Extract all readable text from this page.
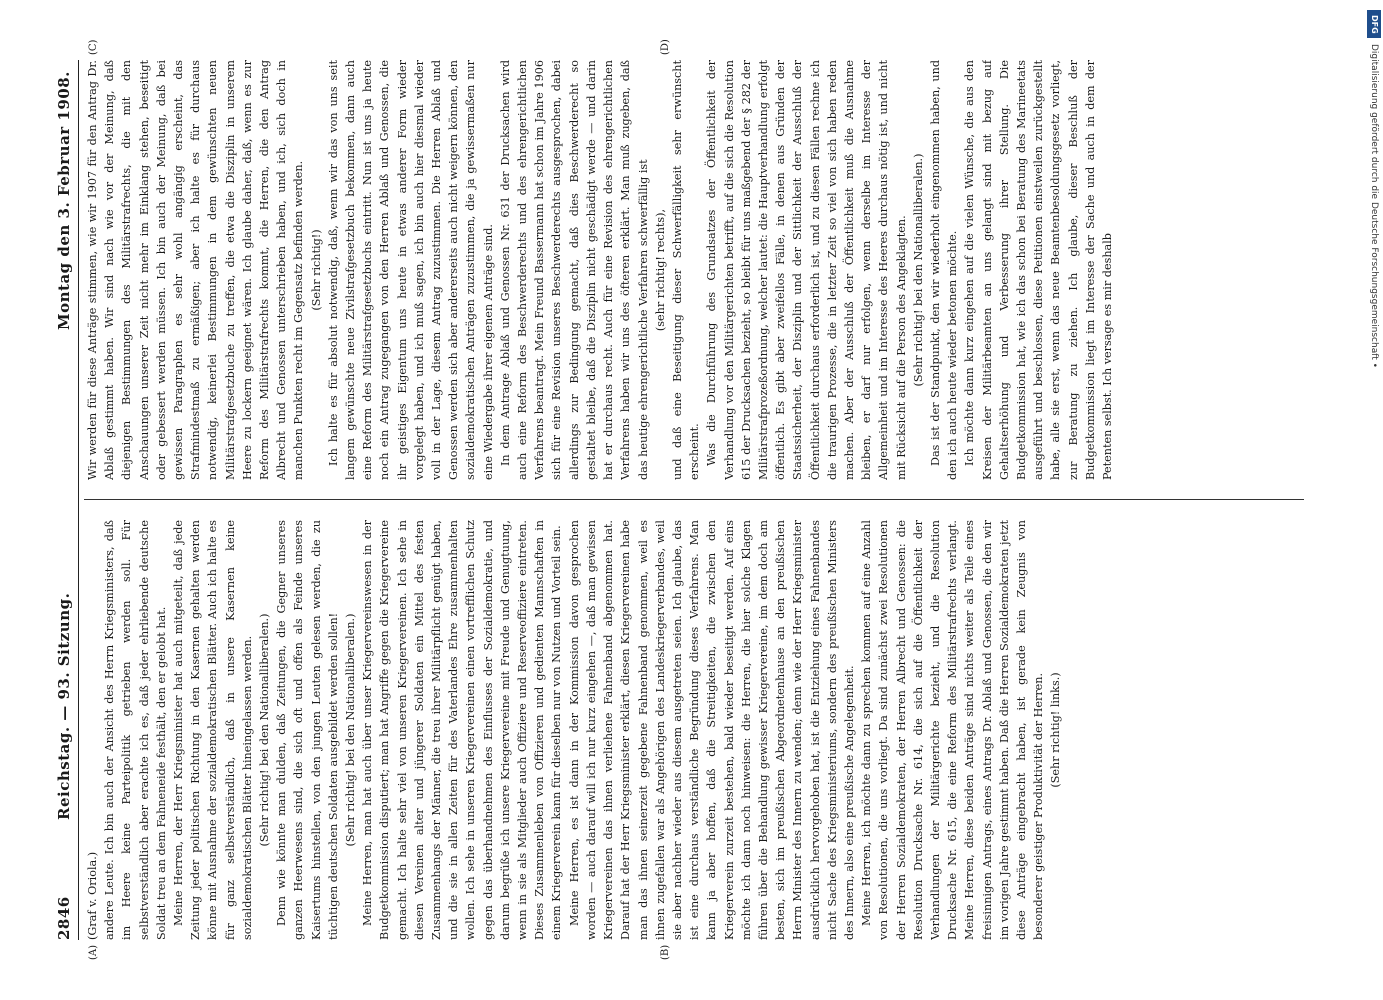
2846
Reichstag. — 93. Sitzung.
Montag den 3. Februar 1908.
(A)	(B)
(C)	(D)

(Graf v. Oriola.) andere Leute. Ich bin auch der Ansicht des Herrn Kriegsministers, daß im Heere keine Parteipolitik getrieben werden soll. Für selbstverständlich aber erachte ich es, daß jeder ehrliebende deutsche Soldat treu an dem Fahneneide festhält, den er gelobt hat. Meine Herren, der Herr Kriegsminister hat auch mitgeteilt, daß jede Zeitung jeder politischen Richtung in den Kasernen gehalten werden könne mit Ausnahme der sozialdemokratischen Blätter. Auch ich halte es für ganz selbstverständlich, daß in unsere Kasernen keine sozialdemokratischen Blätter hineingelassen werden. (Sehr richtig! bei den Nationalliberalen.) Denn wie könnte man dulden, daß Zeitungen, die Gegner unseres ganzen Heerwesens sind, die sich oft und offen als Feinde unseres Kaisertums hinstellen, von den jungen Leuten gelesen werden, die zu tüchtigen deutschen Soldaten ausgebildet werden sollen! (Sehr richtig! bei den Nationalliberalen.) Meine Herren, man hat auch über unser Kriegervereinswesen in der Budgetkommission disputiert; man hat Angriffe gegen die Kriegervereine gemacht. Ich halte sehr viel von unseren Kriegervereinen. Ich sehe in diesen Vereinen alter und jüngerer Soldaten ein Mittel des festen Zusammenhangs der Männer, die treu ihrer Militärpflicht genügt haben, und die sie in allen Zeiten für des Vaterlandes Ehre zusammenhalten wollen. Ich sehe in unseren Kriegervereinen einen vortrefflichen Schutz gegen das überhandnehmen des Einflusses der Sozialdemokratie, und darum begrüße ich unsere Kriegervereine mit Freude und Genugtuung, wenn in sie als Mitglieder auch Offiziere und Reserveoffiziere eintreten. Dieses Zusammenleben von Offizieren und gedienten Mannschaften in einem Kriegerverein kann für dieselben nur von Nutzen und Vorteil sein. Meine Herren, es ist dann in der Kommission davon gesprochen worden — auch darauf will ich nur kurz eingehen —, daß man gewissen Kriegervereinen das ihnen verliehene Fahnenband abgenommen hat. Darauf hat der Herr Kriegsminister erklärt, diesen Kriegervereinen habe man das ihnen seinerzeit gegebene Fahnenband genommen, weil es ihnen zugefallen war als Angehörigen des Landeskriegerverbandes, weil sie aber nachher wieder aus diesem ausgetreten seien. Ich glaube, das ist eine durchaus verständliche Begründung dieses Verfahrens. Man kann ja aber hoffen, daß die Streitigkeiten, die zwischen den Kriegerverein zurzeit bestehen, bald wieder beseitigt werden. Auf eins möchte ich dann noch hinweisen: die Herren, die hier solche Klagen führen über die Behandlung gewisser Kriegervereine, im dem doch am besten, sich im preußischen Abgeordnetenhause an den preußischen Herrn Minister des Innern zu wenden; denn wie der Herr Kriegsminister ausdrücklich hervorgehoben hat, ist die Entziehung eines Fahnenbandes nicht Sache des Kriegsministeriums, sondern des preußischen Ministers des Innern, also eine preußische Angelegenheit. Meine Herren, ich möchte dann zu sprechen kommen auf eine Anzahl von Resolutionen, die uns vorliegt. Da sind zunächst zwei Resolutionen der Herren Sozialdemokraten, der Herren Albrecht und Genossen: die Resolution Drucksache Nr. 614, die sich auf die Öffentlichkeit der Verhandlungen der Militärgerichte bezieht, und die Resolution Drucksache Nr. 615, die eine Reform des Militärstrafrechts verlangt. Meine Herren, diese beiden Anträge sind nichts weiter als Teile eines freisinnigen Antrags, eines Antrags Dr. Ablaß und Genossen, die den wir im vorigen Jahre gestimmt haben. Daß die Herren Sozialdemokraten jetzt diese Anträge eingebracht haben, ist gerade kein Zeugnis von besonderer geistiger Produktivität der Herren. (Sehr richtig! links.)

Wir werden für diese Anträge stimmen, wie wir 1907 für den Antrag Dr. Ablaß gestimmt haben. Wir sind nach wie vor der Meinung, daß diejenigen Bestimmungen des Militärstrafrechts, die mit den Anschauungen unserer Zeit nicht mehr im Einklang stehen, beseitigt oder gebessert werden müssen. Ich bin auch der Meinung, daß bei gewissen Paragraphen es sehr wohl angängig erscheint, das Strafmindestmaß zu ermäßigen; aber ich halte es für durchaus notwendig, keinerlei Bestimmungen in dem gewünschten neuen Militärstrafgesetzbuche zu treffen, die etwa die Disziplin in unserem Heere zu lockern geeignet wären. Ich glaube daher, daß, wenn es zur Reform des Militärstrafrechts kommt, die Herren, die den Antrag Albrecht und Genossen unterschrieben haben, und ich, sich doch in manchen Punkten recht im Gegensatz befinden werden. (Sehr richtig!) Ich halte es für absolut notwendig, daß, wenn wir das von uns seit langem gewünschte neue Zivilstrafgesetzbuch bekommen, dann auch eine Reform des Militärstrafgesetzbuchs eintritt. Nun ist uns ja heute noch ein Antrag zugegangen von den Herren Ablaß und Genossen, die ihr geistiges Eigentum uns heute in etwas anderer Form wieder vorgelegt haben, und ich muß sagen, ich bin auch hier diesmal wieder voll in der Lage, diesem Antrag zuzustimmen. Die Herren Ablaß und Genossen werden sich aber andererseits auch nicht weigern können, den sozialdemokratischen Anträgen zuzustimmen, die ja gewissermaßen nur eine Wiedergabe ihrer eigenen Anträge sind. In dem Antrage Ablaß und Genossen Nr. 631 der Drucksachen wird auch eine Reform des Beschwerderechts und des ehrengerichtlichen Verfahrens beantragt. Mein Freund Bassermann hat schon im Jahre 1906 sich für eine Revision unseres Beschwerderechts ausgesprochen, dabei allerdings zur Bedingung gemacht, daß dies Beschwerderecht so gestaltet bleibe, daß die Disziplin nicht geschädigt werde — und darin hat er durchaus recht. Auch für eine Revision des ehrengerichtlichen Verfahrens haben wir uns des öfteren erklärt. Man muß zugeben, daß das heutige ehrengerichtliche Verfahren schwerfällig ist (sehr richtig! rechts), und daß eine Beseitigung dieser Schwerfälligkeit sehr erwünscht erscheint. Was die Durchführung des Grundsatzes der Öffentlichkeit der Verhandlung vor den Militärgerichten betrifft, auf die sich die Resolution 615 der Drucksachen bezieht, so bleibt für uns maßgebend der § 282 der Militärstrafprozeßordnung, welcher lautet: die Hauptverhandlung erfolgt öffentlich. Es gibt aber zweifellos Fälle, in denen aus Gründen der Staatssicherheit, der Disziplin und der Sittlichkeit der Ausschluß der Öffentlichkeit durchaus erforderlich ist, und zu diesen Fällen rechne ich die traurigen Prozesse, die in letzter Zeit so viel von sich haben reden machen. Aber der Ausschluß der Öffentlichkeit muß die Ausnahme bleiben, er darf nur erfolgen, wenn derselbe im Interesse der Allgemeinheit und im Interesse des Heeres durchaus nötig ist, und nicht mit Rücksicht auf die Person des Angeklagten. (Sehr richtig! bei den Nationalliberalen.) Das ist der Standpunkt, den wir wiederholt eingenommen haben, und den ich auch heute wieder betonen möchte. Ich möchte dann kurz eingehen auf die vielen Wünsche, die aus den Kreisen der Militärbeamten an uns gelangt sind mit bezug auf Gehaltserhöhung und Verbesserung ihrer Stellung. Die Budgetkommission hat, wie ich das schon bei Beratung des Marineetats ausgeführt und beschlossen, diese Petitionen einstweilen zurückgestellt habe, alle sie erst, wenn das neue Beamtenbesoldungsgesetz vorliegt, zur Beratung zu ziehen. Ich glaube, dieser Beschluß der Budgetkommission liegt im Interesse der Sache und auch in dem der Petenten selbst. Ich versage es mir deshalb

DFG
Digitalisierung gefördert durch die Deutsche Forschungsgemeinschaft •
